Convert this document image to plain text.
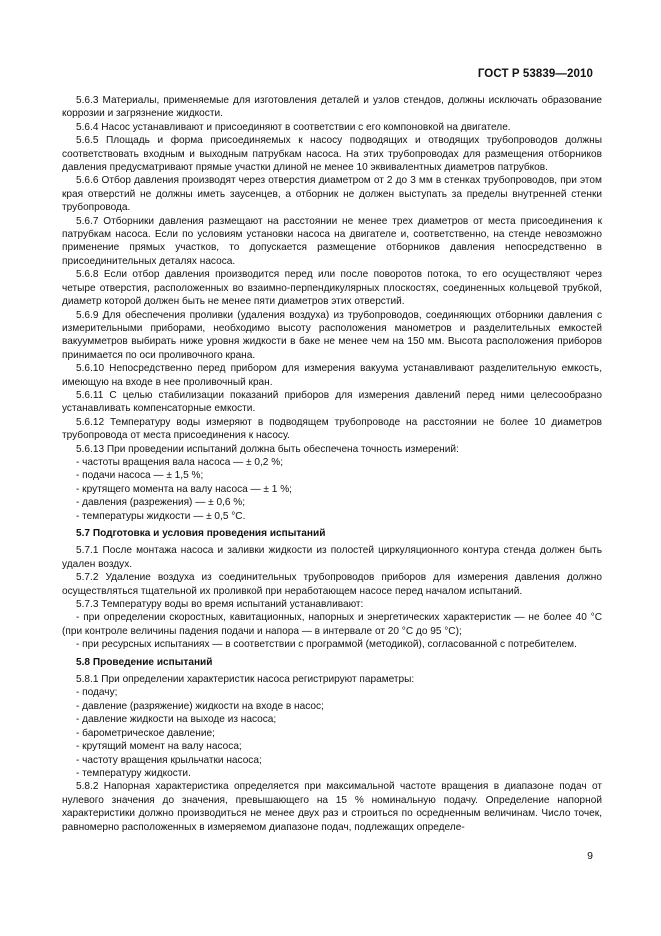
ГОСТ Р 53839—2010

5.6.3 Материалы, применяемые для изготовления деталей и узлов стендов, должны исключать образование коррозии и загрязнение жидкости.

5.6.4 Насос устанавливают и присоединяют в соответствии с его компоновкой на двигателе.

5.6.5 Площадь и форма присоединяемых к насосу подводящих и отводящих трубопроводов должны соответствовать входным и выходным патрубкам насоса. На этих трубопроводах для размещения отборников давления предусматривают прямые участки длиной не менее 10 эквивалентных диаметров патрубков.

5.6.6 Отбор давления производят через отверстия диаметром от 2 до 3 мм в стенках трубопроводов, при этом края отверстий не должны иметь заусенцев, а отборник не должен выступать за пределы внутренней стенки трубопровода.

5.6.7 Отборники давления размещают на расстоянии не менее трех диаметров от места присоединения к патрубкам насоса. Если по условиям установки насоса на двигателе и, соответственно, на стенде невозможно применение прямых участков, то допускается размещение отборников давления непосредственно в присоединительных деталях насоса.

5.6.8 Если отбор давления производится перед или после поворотов потока, то его осуществляют через четыре отверстия, расположенных во взаимно-перпендикулярных плоскостях, соединенных кольцевой трубкой, диаметр которой должен быть не менее пяти диаметров этих отверстий.

5.6.9 Для обеспечения проливки (удаления воздуха) из трубопроводов, соединяющих отборники давления с измерительными приборами, необходимо высоту расположения манометров и разделительных емкостей вакуумметров выбирать ниже уровня жидкости в баке не менее чем на 150 мм. Высота расположения приборов принимается по оси проливочного крана.

5.6.10 Непосредственно перед прибором для измерения вакуума устанавливают разделительную емкость, имеющую на входе в нее проливочный кран.

5.6.11 С целью стабилизации показаний приборов для измерения давлений перед ними целесообразно устанавливать компенсаторные емкости.

5.6.12 Температуру воды измеряют в подводящем трубопроводе на расстоянии не более 10 диаметров трубопровода от места присоединения к насосу.

5.6.13 При проведении испытаний должна быть обеспечена точность измерений:

- частоты вращения вала насоса — ± 0,2 %;

- подачи насоса — ± 1,5 %;

- крутящего момента на валу насоса — ± 1 %;

- давления (разрежения) — ± 0,6 %;

- температуры жидкости — ± 0,5 °С.

5.7 Подготовка и условия проведения испытаний

5.7.1 После монтажа насоса и заливки жидкости из полостей циркуляционного контура стенда должен быть удален воздух.

5.7.2 Удаление воздуха из соединительных трубопроводов приборов для измерения давления должно осуществляться тщательной их проливкой при неработающем насосе перед началом испытаний.

5.7.3 Температуру воды во время испытаний устанавливают:

- при определении скоростных, кавитационных, напорных и энергетических характеристик — не более 40 °С (при контроле величины падения подачи и напора — в интервале от 20 °С до 95 °С);

- при ресурсных испытаниях — в соответствии с программой (методикой), согласованной с потребителем.

5.8 Проведение испытаний

5.8.1 При определении характеристик насоса регистрируют параметры:

- подачу;

- давление (разряжение) жидкости на входе в насос;

- давление жидкости на выходе из насоса;

- барометрическое давление;

- крутящий момент на валу насоса;

- частоту вращения крыльчатки насоса;

- температуру жидкости.

5.8.2 Напорная характеристика определяется при максимальной частоте вращения в диапазоне подач от нулевого значения до значения, превышающего на 15 % номинальную подачу. Определение напорной характеристики должно производиться не менее двух раз и строиться по осредненным величинам. Число точек, равномерно расположенных в измеряемом диапазоне подач, подлежащих определе-

9
